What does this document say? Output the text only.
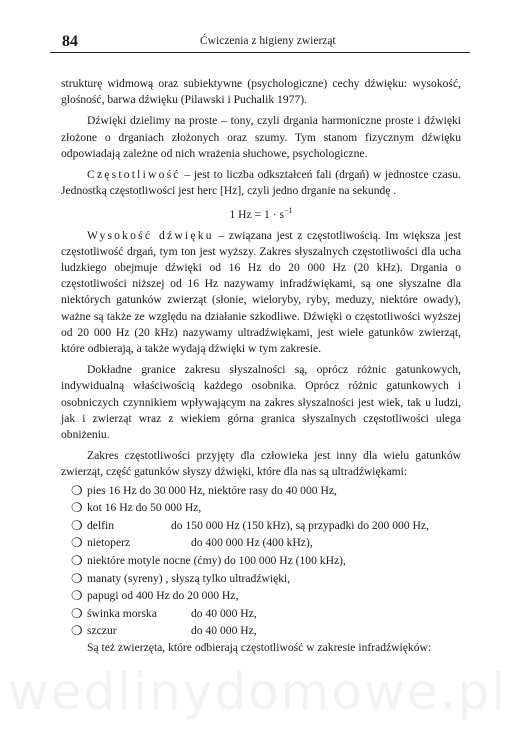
84	Ćwiczenia z higieny zwierząt

strukturę widmową oraz subiektywne (psychologiczne) cechy dźwięku: wysokość, głośność, barwa dźwięku (Pilawski i Puchalik 1977).

Dźwięki dzielimy na proste – tony, czyli drgania harmoniczne proste i dźwięki złożone o drganiach złożonych oraz szumy. Tym stanom fizycznym dźwięku odpowiadają zależne od nich wrażenia słuchowe, psychologiczne.

Częstotliwość – jest to liczba odkształceń fali (drgań) w jednostce czasu. Jednostką częstotliwości jest herc [Hz], czyli jedno drganie na sekundę .

1 $Hz = 1 \cdot s^{-1}$

Wysokość dźwięku – związana jest z częstotliwością. Im większa jest częstotliwość drgań, tym ton jest wyższy. Zakres słyszalnych częstotliwości dla ucha ludzkiego obejmuje dźwięki od 16 Hz do 20 000 Hz (20 kHz). Drgania o częstotliwości niższej od 16 Hz nazywamy infradźwiękami, są one słyszalne dla niektórych gatunków zwierząt (słonie, wieloryby, ryby, meduzy, niektóre owady), ważne są także ze względu na działanie szkodliwe. Dźwięki o częstotliwości wyższej od 20 000 Hz (20 kHz) nazywamy ultradźwiękami, jest wiele gatunków zwierząt, które odbierają, a także wydają dźwięki w tym zakresie.

Dokładne granice zakresu słyszalności są, oprócz różnic gatunkowych, indywidualną właściwością każdego osobnika. Oprócz różnic gatunkowych i osobniczych czynnikiem wpływającym na zakres słyszalności jest wiek, tak u ludzi, jak i zwierząt wraz z wiekiem górna granica słyszalnych częstotliwości ulega obniżeniu.

Zakres częstotliwości przyjęty dla człowieka jest inny dla wielu gatunków zwierząt, część gatunków słyszy dźwięki, które dla nas są ultradźwiękami:

❍ pies 16 Hz do 30 000 Hz, niektóre rasy do 40 000 Hz,
❍ kot 16 Hz do 50 000 Hz,
❍ delfin	do 150 000 Hz (150 kHz), są przypadki do 200 000 Hz,
❍ nietoperz	do 400 000 Hz (400 kHz),
❍ niektóre motyle nocne (ćmy) do 100 000 Hz (100 kHz),
❍ manaty (syreny) , słyszą tylko ultradźwięki,
❍ papugi od 400 Hz do 20 000 Hz,
❍ świnka morska	do 40 000 Hz,
❍ szczur	do 40 000 Hz,

Są też zwierzęta, które odbierają częstotliwość w zakresie infradźwięków:

wedlinydomowe.pl
